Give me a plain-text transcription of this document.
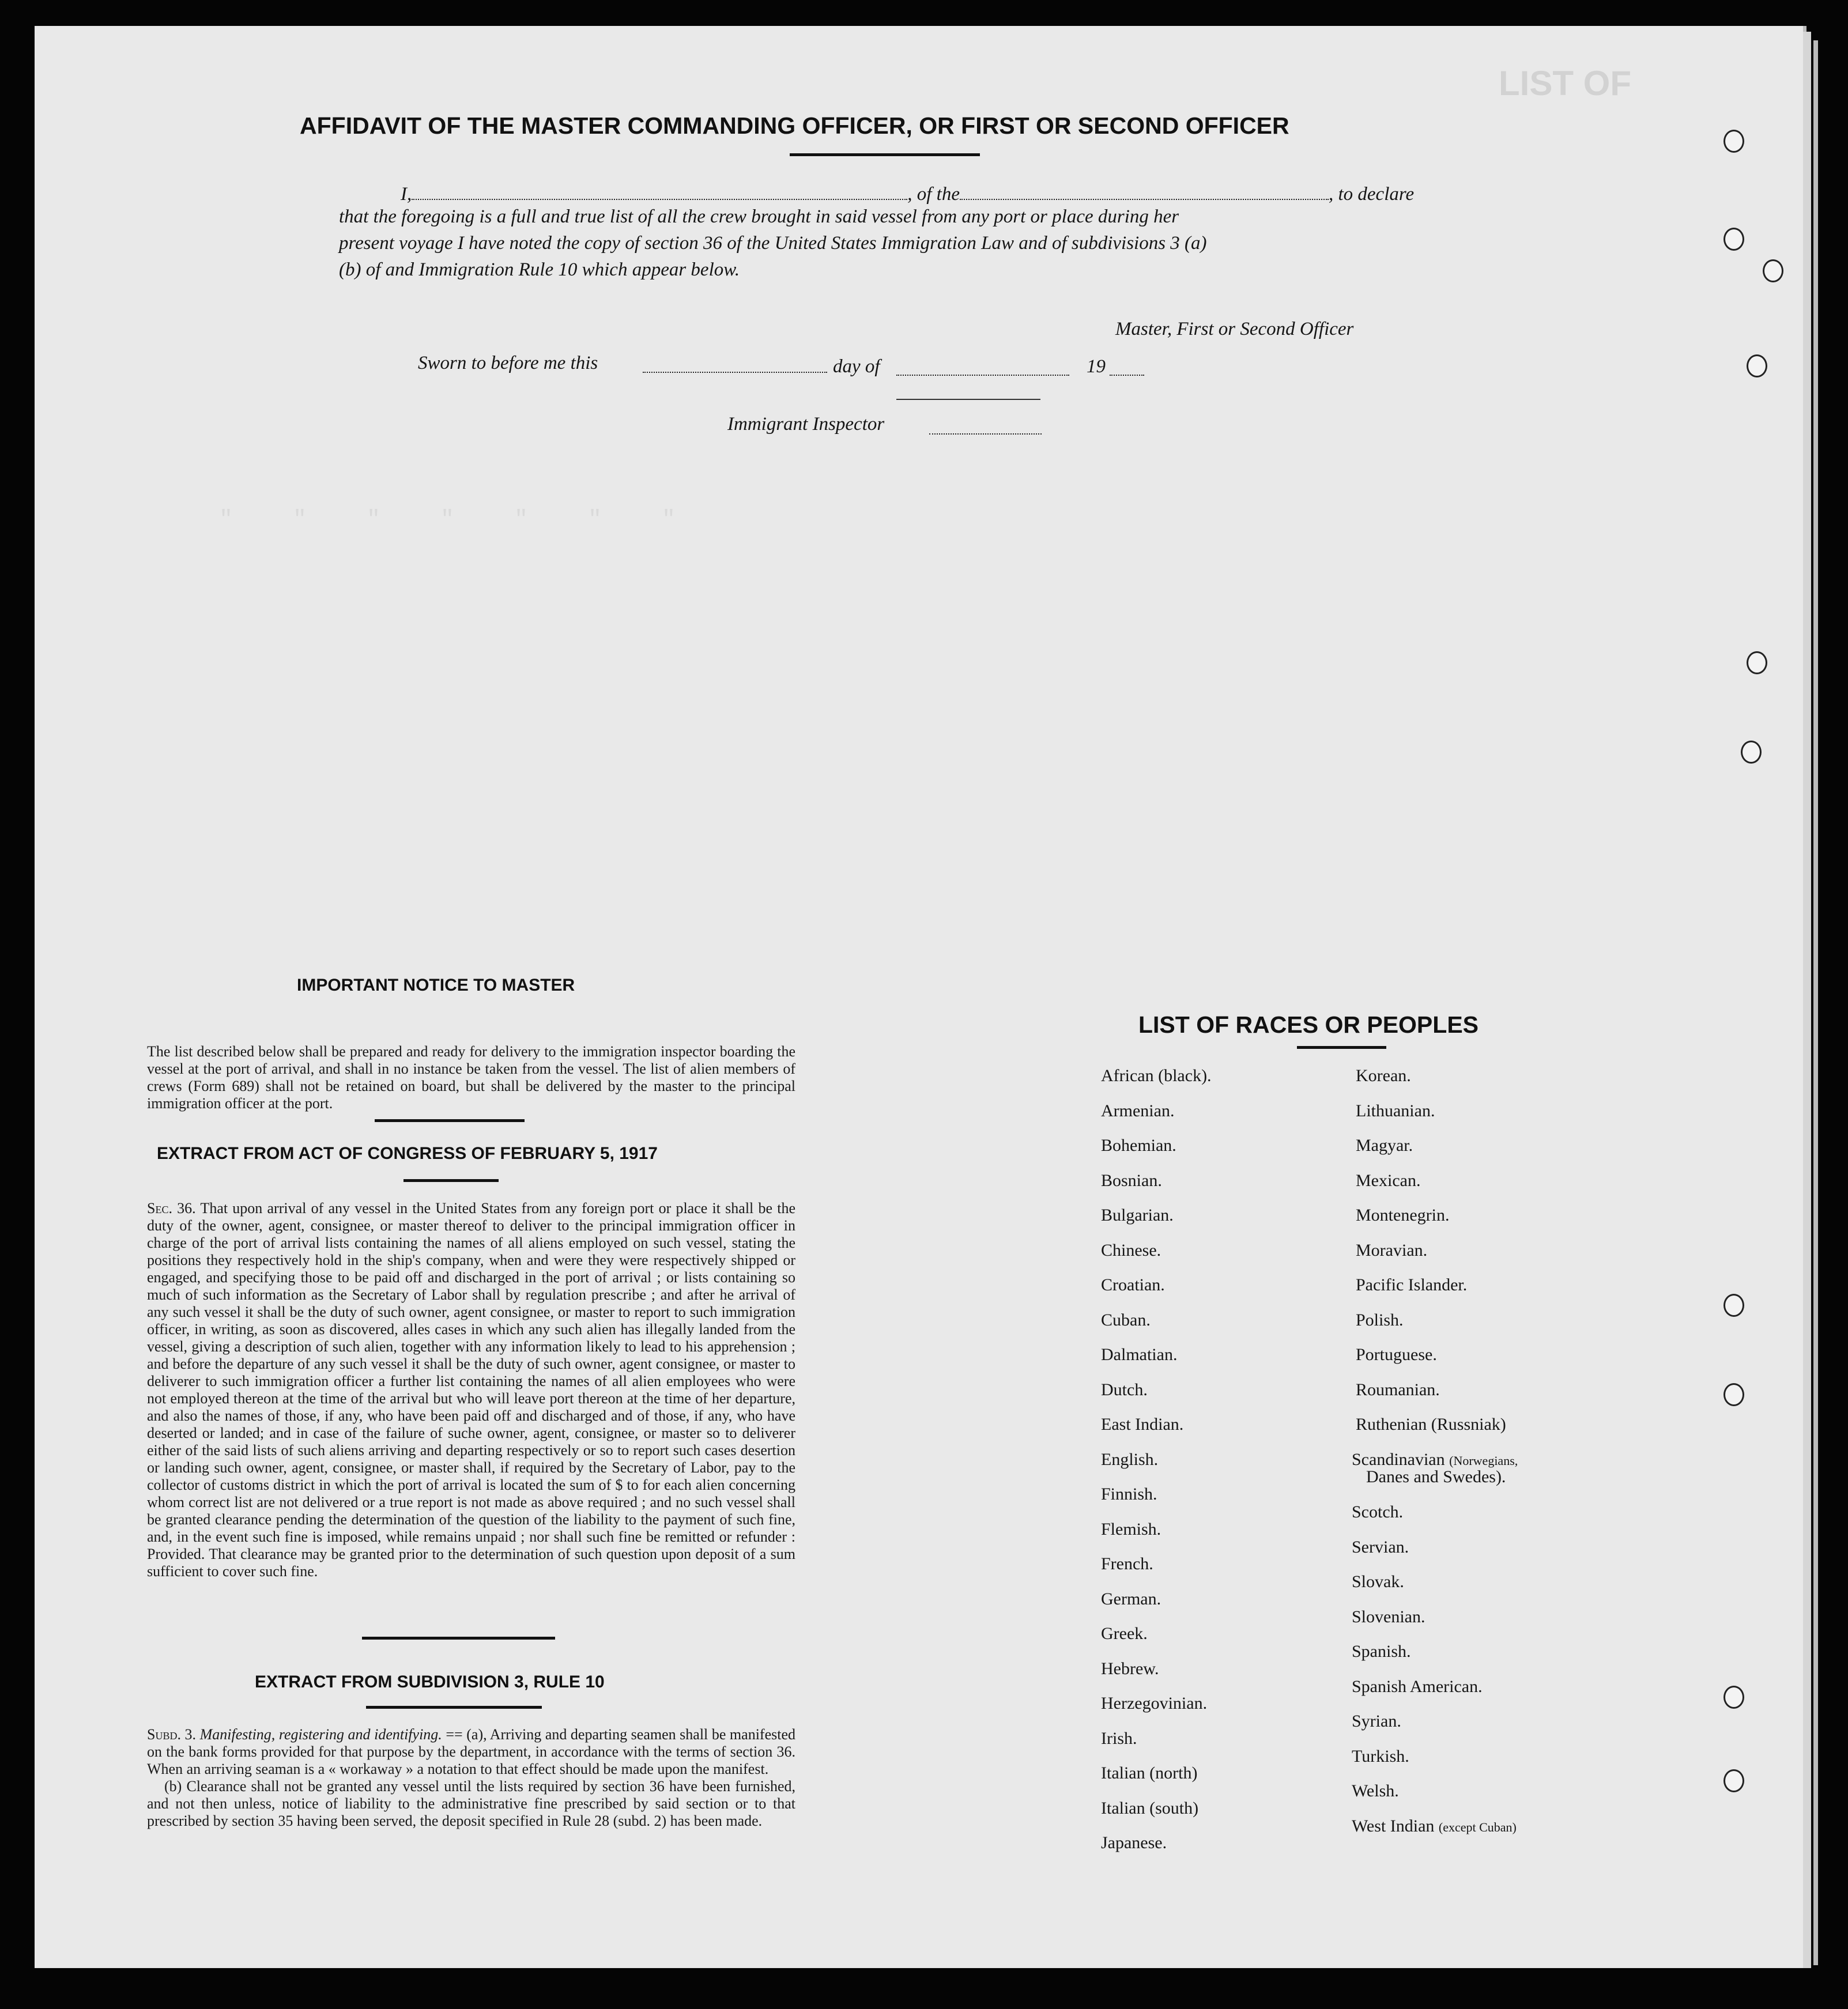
LIST OF
" " " " " " "
AFFIDAVIT OF THE MASTER COMMANDING OFFICER, OR FIRST OR SECOND OFFICER
I,	, of the	, to declare
that the foregoing is a full and true list of all the crew brought in said vessel from any port or place during her
present voyage I have noted the copy of section 36 of the United States Immigration Law and of subdivisions 3 (a)
(b) of and Immigration Rule 10 which appear below.
Master, First or Second Officer
Sworn to before me this	day of	19
Immigrant Inspector
IMPORTANT NOTICE TO MASTER
The list described below shall be prepared and ready for delivery to the immigration inspector boarding the vessel at the port of arrival, and shall in no instance be taken from the vessel. The list of alien members of crews (Form 689) shall not be retained on board, but shall be delivered by the master to the principal immigration officer at the port.
EXTRACT FROM ACT OF CONGRESS OF FEBRUARY 5, 1917
Sec. 36. That upon arrival of any vessel in the United States from any foreign port or place it shall be the duty of the owner, agent, consignee, or master thereof to deliver to the principal immigration officer in charge of the port of arrival lists containing the names of all aliens employed on such vessel, stating the positions they respectively hold in the ship's company, when and were they were respectively shipped or engaged, and specifying those to be paid off and discharged in the port of arrival ; or lists containing so much of such information as the Secretary of Labor shall by regulation prescribe ; and after he arrival of any such vessel it shall be the duty of such owner, agent consignee, or master to report to such immigration officer, in writing, as soon as discovered, alles cases in which any such alien has illegally landed from the vessel, giving a description of such alien, together with any information likely to lead to his apprehension ; and before the departure of any such vessel it shall be the duty of such owner, agent consignee, or master to deliverer to such immigration officer a further list containing the names of all alien employees who were not employed thereon at the time of the arrival but who will leave port thereon at the time of her departure, and also the names of those, if any, who have been paid off and discharged and of those, if any, who have deserted or landed; and in case of the failure of suche owner, agent, consignee, or master so to deliverer either of the said lists of such aliens arriving and departing respectively or so to report such cases desertion or landing such owner, agent, consignee, or master shall, if required by the Secretary of Labor, pay to the collector of customs district in which the port of arrival is located the sum of $ to for each alien concerning whom correct list are not delivered or a true report is not made as above required ; and no such vessel shall be granted clearance pending the determination of the question of the liability to the payment of such fine, and, in the event such fine is imposed, while remains unpaid ; nor shall such fine be remitted or refunder : Provided. That clearance may be granted prior to the determination of such question upon deposit of a sum sufficient to cover such fine.
EXTRACT FROM SUBDIVISION 3, RULE 10
Subd. 3. Manifesting, registering and identifying. == (a), Arriving and departing seamen shall be manifested on the bank forms provided for that purpose by the department, in accordance with the terms of section 36. When an arriving seaman is a « workaway » a notation to that effect should be made upon the manifest.
(b) Clearance shall not be granted any vessel until the lists required by section 36 have been furnished, and not then unless, notice of liability to the administrative fine prescribed by said section or to that prescribed by section 35 having been served, the deposit specified in Rule 28 (subd. 2) has been made.
LIST OF RACES OR PEOPLES
African (black).
Armenian.
Bohemian.
Bosnian.
Bulgarian.
Chinese.
Croatian.
Cuban.
Dalmatian.
Dutch.
East Indian.
English.
Finnish.
Flemish.
French.
German.
Greek.
Hebrew.
Herzegovinian.
Irish.
Italian (north)
Italian (south)
Japanese.
Korean.
Lithuanian.
Magyar.
Mexican.
Montenegrin.
Moravian.
Pacific Islander.
Polish.
Portuguese.
Roumanian.
Ruthenian (Russniak)
Scandinavian (Norwegians,
Danes and Swedes).
Scotch.
Servian.
Slovak.
Slovenian.
Spanish.
Spanish American.
Syrian.
Turkish.
Welsh.
West Indian (except Cuban)
